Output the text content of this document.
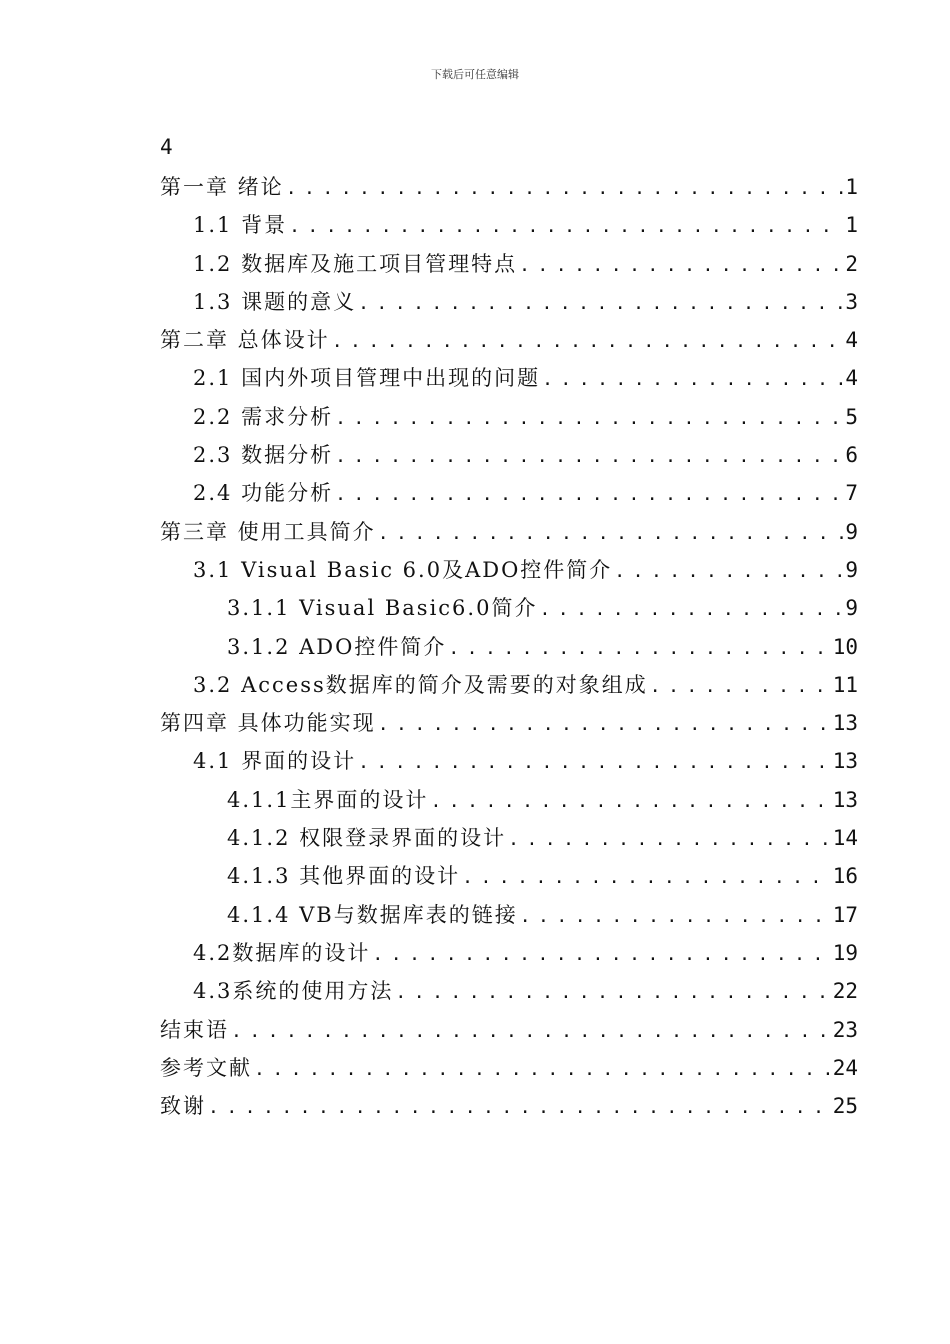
下载后可任意编辑
4
第一章 绪论 .....	1
1.1 背景 .....	1
1.2 数据库及施工项目管理特点 .....	2
1.3 课题的意义 .....	3
第二章 总体设计 .....	4
2.1 国内外项目管理中出现的问题 .....	4
2.2 需求分析 .....	5
2.3 数据分析 .....	6
2.4 功能分析 .....	7
第三章 使用工具简介 .....	9
3.1 Visual Basic 6.0及ADO控件简介 .....	9
3.1.1 Visual Basic6.0简介 .....	9
3.1.2 ADO控件简介 .....	10
3.2 Access数据库的简介及需要的对象组成 .....	11
第四章 具体功能实现 .....	13
4.1 界面的设计 .....	13
4.1.1主界面的设计 .....	13
4.1.2 权限登录界面的设计 .....	14
4.1.3 其他界面的设计 .....	16
4.1.4 VB与数据库表的链接 .....	17
4.2数据库的设计 .....	19
4.3系统的使用方法 .....	22
结束语 .....	23
参考文献 .....	24
致谢 .....	25
